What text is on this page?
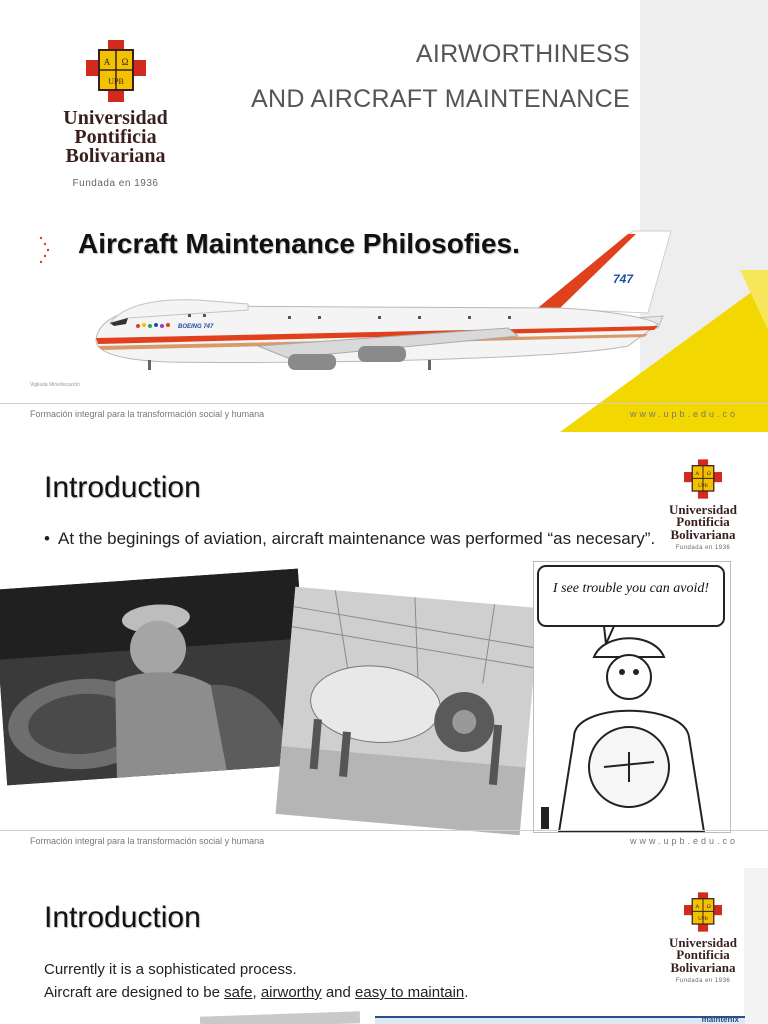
A Ω
UPB
Universidad
Pontificia
Bolivariana
Fundada en 1936
AIRWORTHINESS
AND AIRCRAFT MAINTENANCE
Aircraft Maintenance Philosofies.
747
BOEING 747
Vigilada Mineducación
Formación integral para la transformación social y humana	www.upb.edu.co
Introduction
• At the beginings of aviation, aircraft maintenance was performed “as necesary”.
A Ω
UPB
Universidad
Pontificia
Bolivariana
Fundada en 1936
I see trouble you can avoid!
Formación integral para la transformación social y humana	www.upb.edu.co
Introduction
Currently it is a sophisticated process.
Aircraft are designed to be safe, airworthy and easy to maintain.
A Ω
UPB
Universidad
Pontificia
Bolivariana
Fundada en 1936
maintenix
